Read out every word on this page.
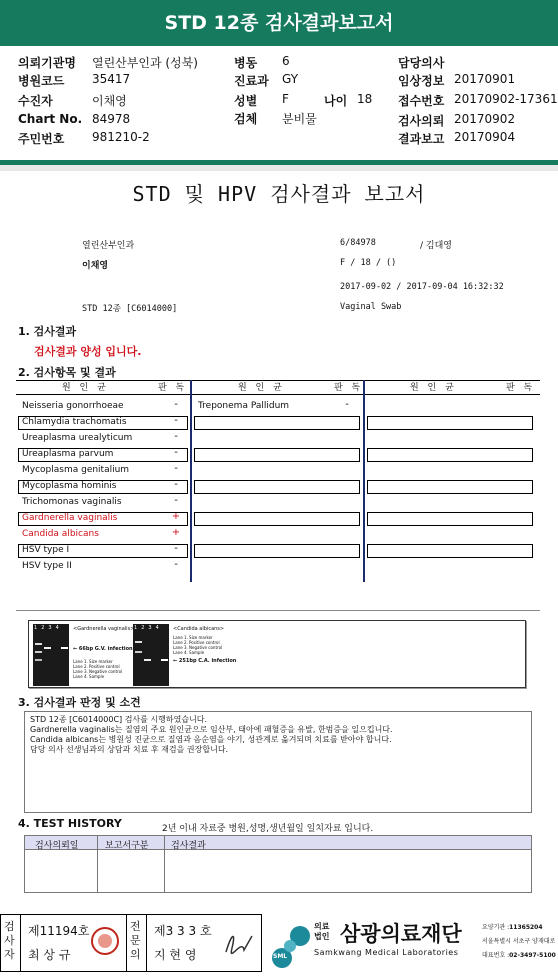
STD 12종 검사결과보고서
의뢰기관명 열린산부인과 (성북)
병원코드 35417
수진자	이채영
Chart No. 84978
주민번호 981210-2
병동 6
진료과 GY
성별 F	나이 18
검체 분비물
담당의사
임상정보 20170901
접수번호 20170902-17361
검사의뢰 20170902
결과보고 20170904
STD 및 HPV 검사결과 보고서
열린산부인과
이채영
STD 12종 [C6014000]
6/84978	/ 김대영
F / 18 / ()
2017-09-02 / 2017-09-04 16:32:32
Vaginal Swab
1. 검사결과
검사결과 양성 입니다.
2. 검사항목 및 결과
원 인 균	판 독	원 인 균	판 독	원 인 균	판 독
Neisseria gonorrhoeae	-
Chlamydia trachomatis	-
Ureaplasma urealyticum	-
Ureaplasma parvum	-
Mycoplasma genitalium	-
Mycoplasma hominis	-
Trichomonas vaginalis	-
Gardnerella vaginalis	+
Candida albicans	+
HSV type I	-
HSV type II	-
Treponema Pallidum	-
1234	1234
<Gardnerella vaginalis>
← 66bp G.V. infection
Lane 1. Size marker
Lane 2. Positive control
Lane 3. Negative control
Lane 4. Sample
<Candida albicans>
Lane 1. Size marker
Lane 2. Positive control
Lane 3. Negative control
Lane 4. Sample
← 251bp C.A. infection
3. 검사결과 판정 및 소견
STD 12종 [C6014000C] 검사를 시행하였습니다.
Gardnerella vaginalis는 질염의 주요 원인균으로 임산부, 태아에 패혈증을 유발, 한범증을 일으킵니다.
Candida albicans는 병원성 진균으로 질염과 음순염을 야기, 성관계로 옮겨되며 치료를 받아야 합니다.
담당 의사 선생님과의 상담과 치료 후 재검을 권장합니다.
4. TEST HISTORY	2년 이내 자료중 병원,성명,생년월일 일치자료 입니다.
검사의뢰일	보고서구분	검사결과
검사자
제11194호
최 상 규
전문의
제3 3 3 호
지 현 영	SML
의료법인 삼광의료재단
Samkwang Medical Laboratories
요양기관 :11365204
서울특별시 서초구 양재대로
대표번호 :02-3497-5100
